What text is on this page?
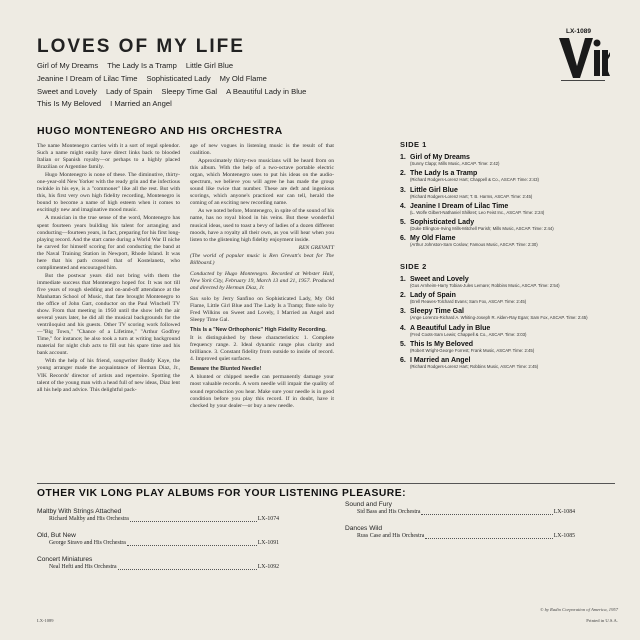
LX-1089
LOVES OF MY LIFE
Girl of My Dreams The Lady Is a Tramp Little Girl Blue
Jeanine I Dream of Lilac Time Sophisticated Lady My Old Flame
Sweet and Lovely Lady of Spain Sleepy Time Gal A Beautiful Lady in Blue
This Is My Beloved I Married an Angel
HUGO MONTENEGRO AND HIS ORCHESTRA

The name Montenegro carries with it a sort of regal splendor. Such a name might easily have direct links back to blooded Italian or Spanish royalty—or perhaps to a highly placed Brazilian or Argentine family.

Hugo Montenegro is none of these. The diminutive, thirty-one-year-old New Yorker with the ready grin and the infectious twinkle in his eye, is a "commoner" like all the rest. But with this, his first very own high fidelity recording, Montenegro is bound to become a name of high esteem when it comes to excitingly new and imaginative mood music.

A musician in the true sense of the word, Montenegro has spent fourteen years building his talent for arranging and conducting—fourteen years, in fact, preparing for his first long-playing record. And the start came during a World War II niche he carved for himself scoring for and conducting the band at the Naval Training Station in Newport, Rhode Island. It was here that his path crossed that of Kostelanetz, who complimented and encouraged him.

But the postwar years did not bring with them the immediate success that Montenegro hoped for. It was not till five years of rough sledding and on-and-off attendance at the Manhattan School of Music, that fate brought Montenegro to the office of John Gart, conductor on the Paul Winchell TV show. From that meeting in 1950 until the show left the air several years later, he did all the musical backgrounds for the ventriloquist and his guests. Other TV scoring work followed—"Big Town," "Chance of a Lifetime," "Arthur Godfrey Time," for instance; he also took a turn at writing background material for night club acts to fill out his spare time and his bank account.

With the help of his friend, songwriter Buddy Kaye, the young arranger made the acquaintance of Herman Diaz, Jr., VIK Records' director of artists and repertoire. Spotting the talent of the young man with a head full of new ideas, Diaz lent all his help and advice. This delightful pack-

age of new vogues in listening music is the result of that coalition.

Approximately thirty-two musicians will be heard from on this album. With the help of a two-octave portable electric organ, which Montenegro uses to put his ideas on the audio-spectrum, we believe you will agree he has made the group sound like twice that number. These are deft and ingenious scorings, which anyone's practiced ear can tell, herald the coming of an exciting new recording name.

As we noted before, Montenegro, in spite of the sound of his name, has no royal blood in his veins. But these wonderful musical ideas, used to toast a bevy of ladies of a dozen different moods, have a royalty all their own, as you will hear when you listen to the glistening high fidelity enjoyment inside.

REN GREVATT

(The world of popular music is Ren Grevatt's beat for The Billboard.)

Conducted by Hugo Montenegro. Recorded at Webster Hall, New York City, February 19, March 13 and 21, 1957. Produced and directed by Herman Diaz, Jr.

Sax solo by Jerry Sanfino on Sophisticated Lady, My Old Flame, Little Girl Blue and The Lady Is a Tramp; flute solo by Fred Wilkins on Sweet and Lovely, I Married an Angel and Sleepy Time Gal.

This Is a "New Orthophonic" High Fidelity Recording.

It is distinguished by these characteristics: 1. Complete frequency range. 2. Ideal dynamic range plus clarity and brilliance. 3. Constant fidelity from outside to inside of record. 4. Improved quiet surfaces.

Beware the Blunted Needle!

A blunted or chipped needle can permanently damage your most valuable records. A worn needle will impair the quality of sound reproduction you hear. Make sure your needle is in good condition before you play this record. If in doubt, have it checked by your dealer—or buy a new needle.

SIDE 1
1. Girl of My Dreams
(Sunny Clapp; Mills Music, ASCAP. Time: 2:42)
2. The Lady Is a Tramp
(Richard Rodgers-Lorenz Hart; Chappell & Co., ASCAP. Time: 2:43)
3. Little Girl Blue
(Richard Rodgers-Lorenz Hart; T. B. Harms, ASCAP. Time: 2:45)
4. Jeanine I Dream of Lilac Time
(L. Wolfe Gilbert-Nathaniel Shilkret; Leo Feist Inc., ASCAP. Time: 2:24)
5. Sophisticated Lady
(Duke Ellington-Irving Mills-Mitchell Parish; Mills Music, ASCAP. Time: 2:44)
6. My Old Flame
(Arthur Johnston-Sam Coslow; Famous Music, ASCAP. Time: 2:30)
SIDE 2
1. Sweet and Lovely
(Gus Arnheim-Harry Tobias-Jules Lemare; Robbins Music, ASCAP. Time: 2:54)
2. Lady of Spain
(Erell Reaves-Tolchard Evans; Sam Fox, ASCAP. Time: 2:45)
3. Sleepy Time Gal
(Ange Lorenzo-Richard A. Whiting-Joseph R. Alden-Ray Egan; Sam Fox, ASCAP. Time: 2:45)
4. A Beautiful Lady in Blue
(Fred Coots-Sam Lewis; Chappell & Co., ASCAP. Time: 3:03)
5. This Is My Beloved
(Robert Wright-George Forrest; Frank Music, ASCAP. Time: 2:45)
6. I Married an Angel
(Richard Rodgers-Lorenz Hart; Robbins Music, ASCAP. Time: 2:45)
OTHER VIK LONG PLAY ALBUMS FOR YOUR LISTENING PLEASURE:
Maltby With Strings Attached
Richard Maltby and His Orchestra	LX-1074
Old, But New
George Siravo and His Orchestra	LX-1091
Concert Miniatures
Neal Hefti and His Orchestra	LX-1092
Sound and Fury
Sid Bass and His Orchestra	LX-1084
Dances Wild
Russ Case and His Orchestra	LX-1085
LX-1089
© by Radio Corporation of America, 1957
Printed in U.S.A.
